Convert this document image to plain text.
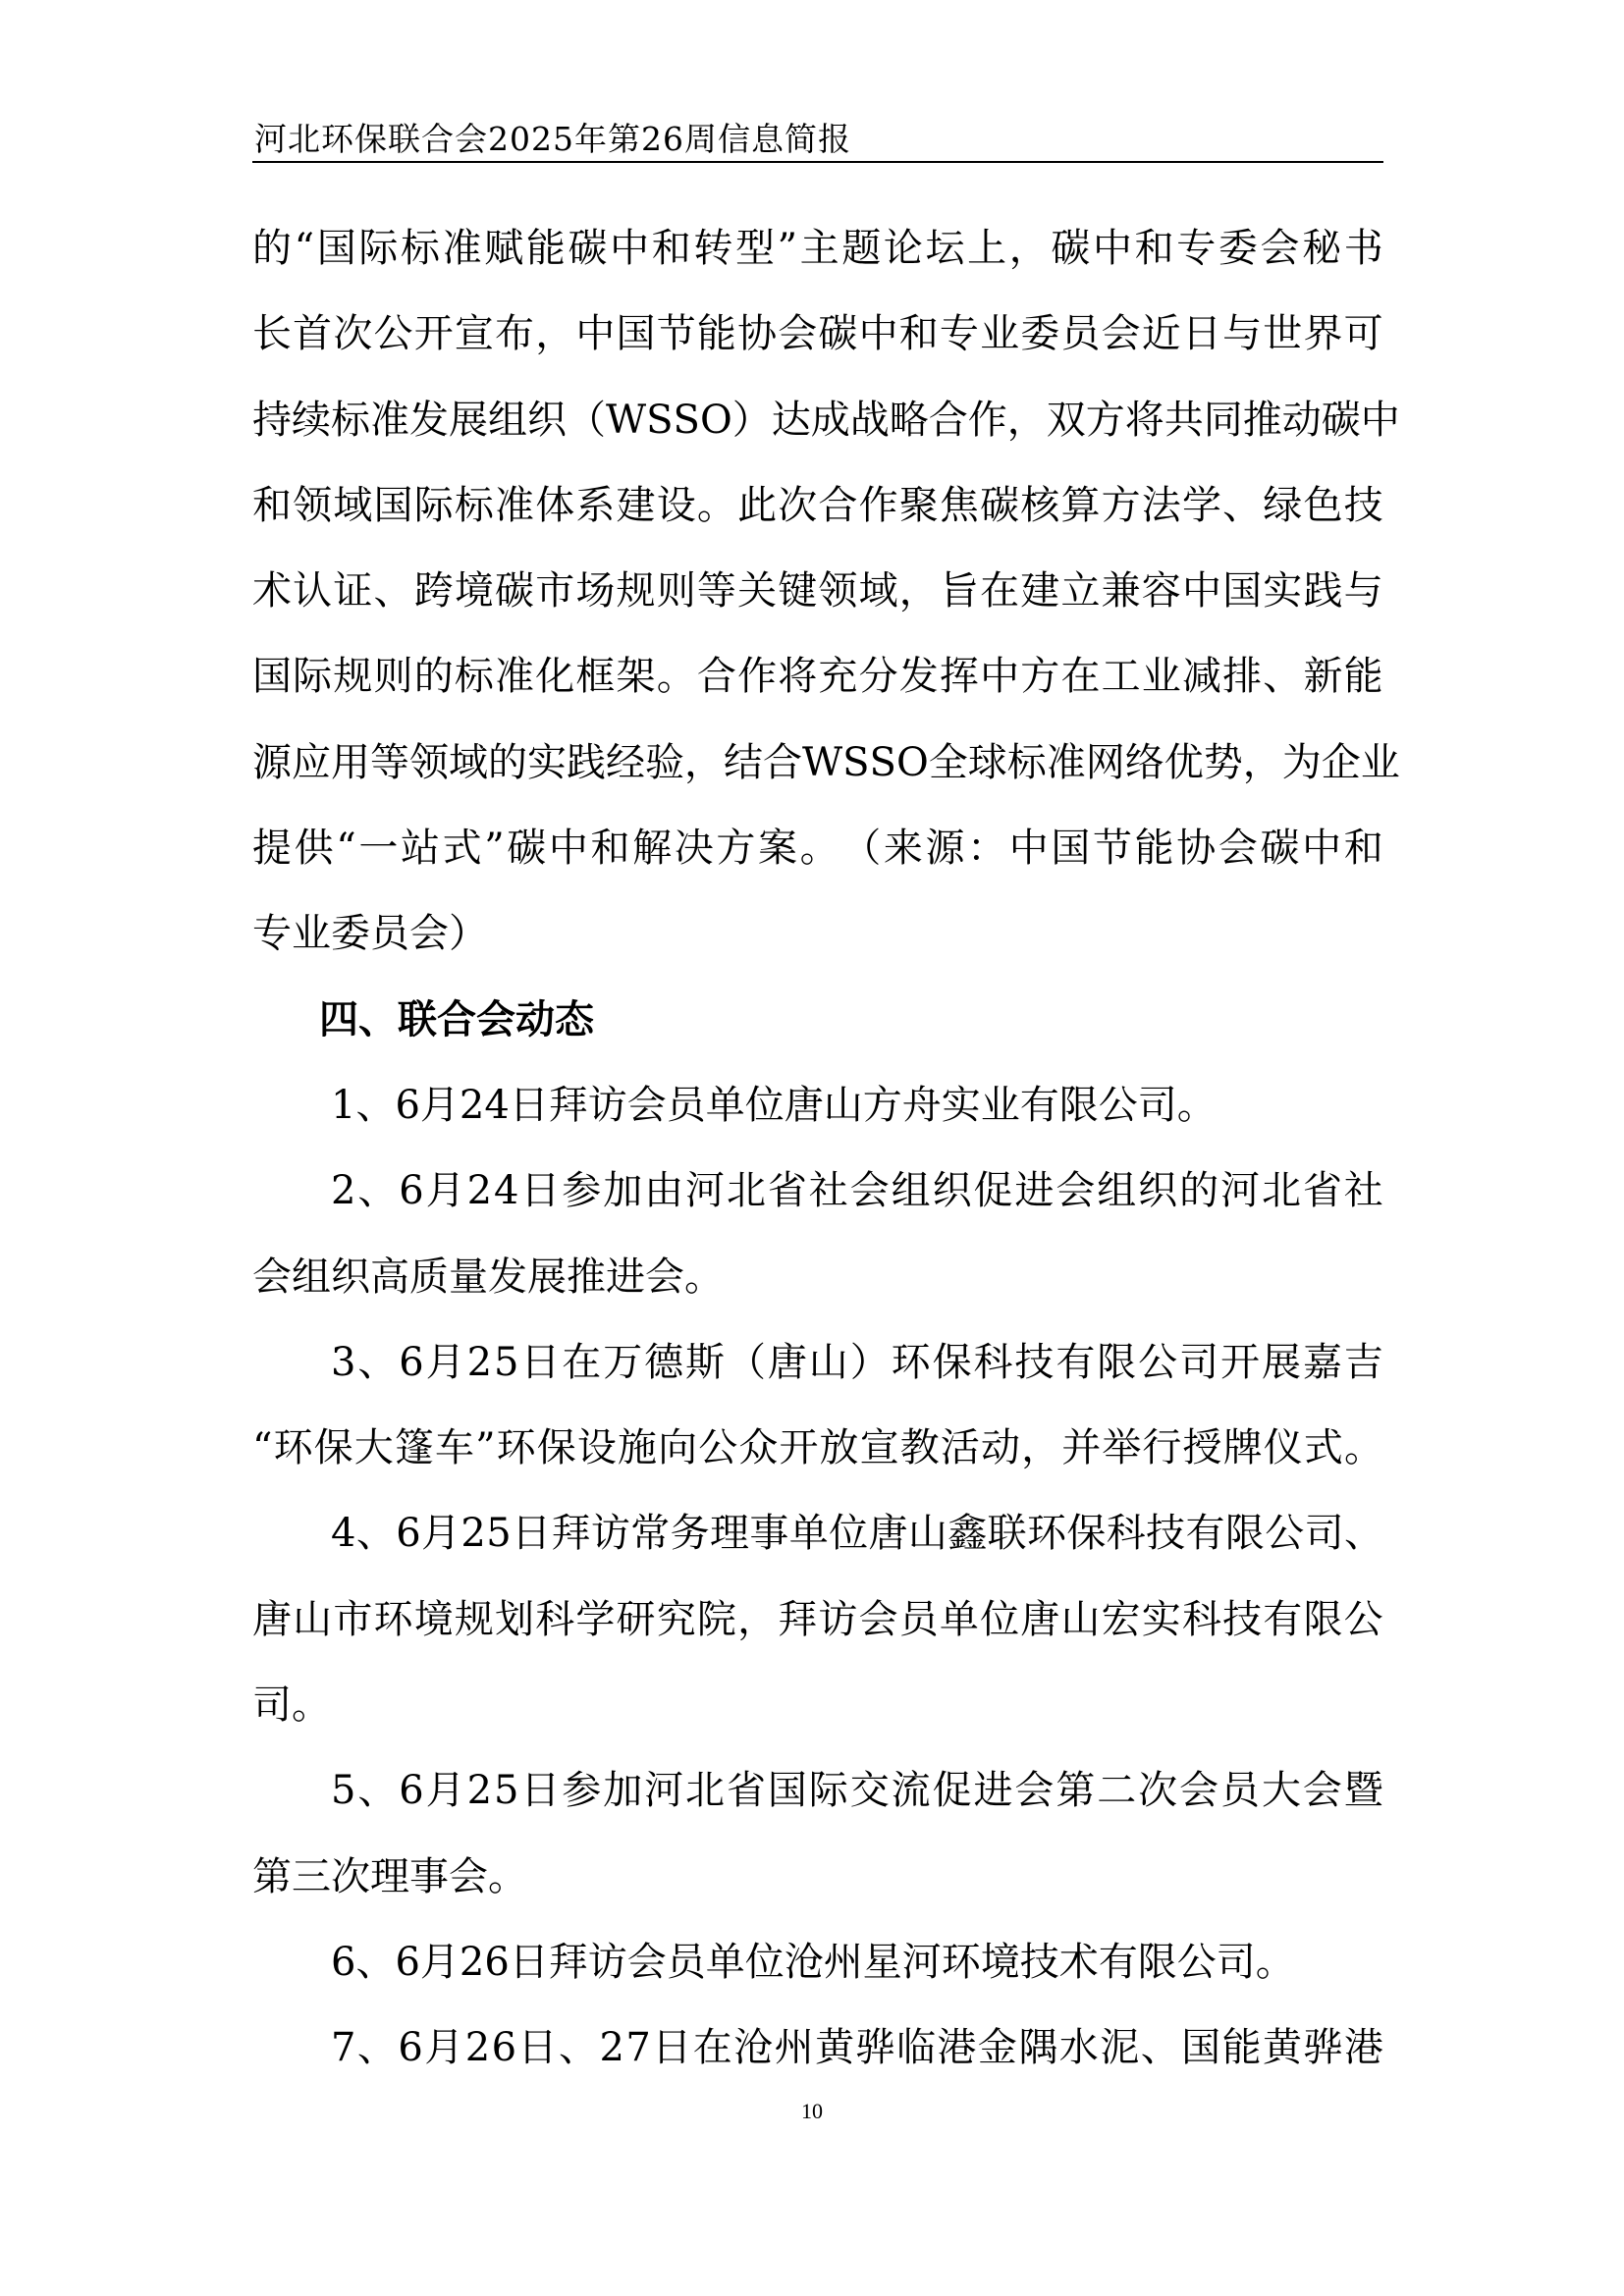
河北环保联合会2025年第26周信息简报
的 “ 国 际 标 准 赋 能 碳 中 和 转 型 ” 主 题 论 坛 上 ， 碳 中 和 专 委 会 秘 书
长 首 次 公 开 宣 布 ， 中 国 节 能 协 会 碳 中 和 专 业 委 员 会 近 日 与 世 界 可
持 续 标 准 发 展 组 织 （ W S S O ） 达 成 战 略 合 作 ， 双 方 将 共 同 推 动 碳 中
和 领 域 国 际 标 准 体 系 建 设 。 此 次 合 作 聚 焦 碳 核 算 方 法 学 、 绿 色 技
术 认 证 、 跨 境 碳 市 场 规 则 等 关 键 领 域 ， 旨 在 建 立 兼 容 中 国 实 践 与
国 际 规 则 的 标 准 化 框 架 。 合 作 将 充 分 发 挥 中 方 在 工 业 减 排 、 新 能
源 应 用 等 领 域 的 实 践 经 验 ， 结 合 W S S O 全 球 标 准 网 络 优 势 ， 为 企 业
提 供 “ 一 站 式 ” 碳 中 和 解 决 方 案 。 （ 来 源 ： 中 国 节 能 协 会 碳 中 和
专业委员会）
四、联合会动态
1、6月24日拜访会员单位唐山方舟实业有限公司。
2 、 6 月 2 4 日 参 加 由 河 北 省 社 会 组 织 促 进 会 组 织 的 河 北 省 社
会组织高质量发展推进会。
3 、 6 月 2 5 日 在 万 德 斯 （ 唐 山 ） 环 保 科 技 有 限 公 司 开 展 嘉 吉
“ 环 保 大 篷 车 ” 环 保 设 施 向 公 众 开 放 宣 教 活 动 ， 并 举 行 授 牌 仪 式 。
4 、 6 月 2 5 日 拜 访 常 务 理 事 单 位 唐 山 鑫 联 环 保 科 技 有 限 公 司 、
唐 山 市 环 境 规 划 科 学 研 究 院 ， 拜 访 会 员 单 位 唐 山 宏 实 科 技 有 限 公
司。
5 、 6 月 2 5 日 参 加 河 北 省 国 际 交 流 促 进 会 第 二 次 会 员 大 会 暨
第三次理事会。
6、6月26日拜访会员单位沧州星河环境技术有限公司。
7 、 6 月 2 6 日 、 2 7 日 在 沧 州 黄 骅 临 港 金 隅 水 泥 、 国 能 黄 骅 港
10
